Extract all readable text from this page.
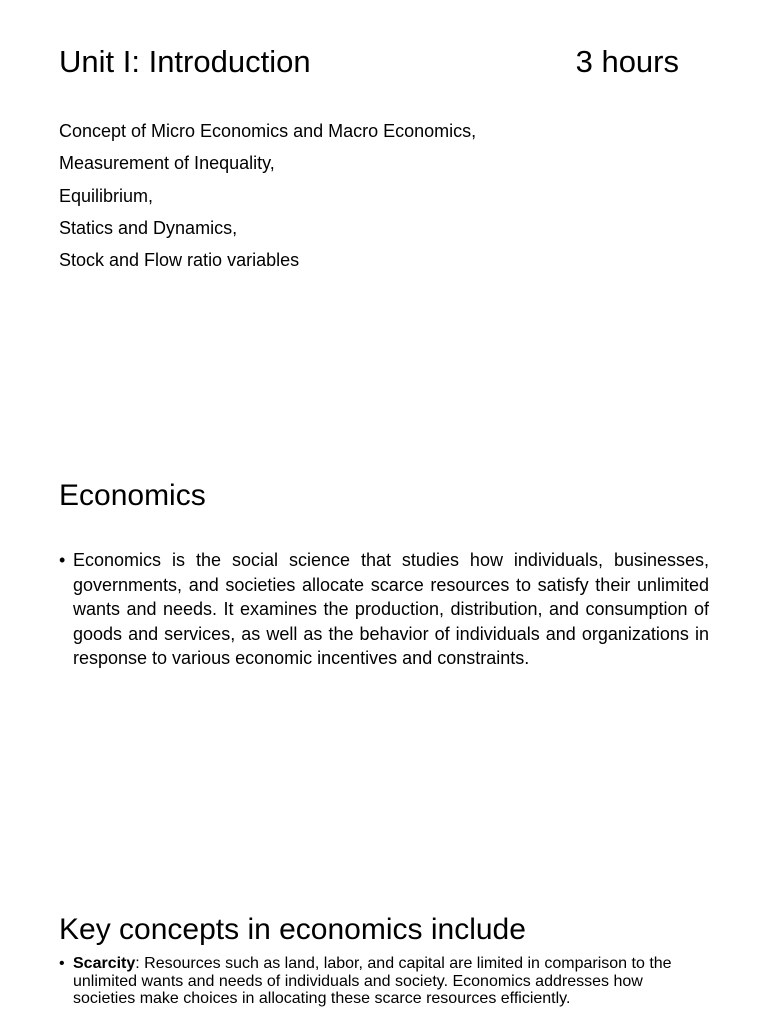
Unit I: Introduction	3 hours
Concept of Micro Economics and Macro Economics,
Measurement of Inequality,
Equilibrium,
Statics and Dynamics,
Stock and Flow ratio variables
Economics
• Economics is the social science that studies how individuals, businesses, governments, and societies allocate scarce resources to satisfy their unlimited wants and needs. It examines the production, distribution, and consumption of goods and services, as well as the behavior of individuals and organizations in response to various economic incentives and constraints.
Key concepts in economics include
• Scarcity: Resources such as land, labor, and capital are limited in comparison to the unlimited wants and needs of individuals and society. Economics addresses how societies make choices in allocating these scarce resources efficiently.
